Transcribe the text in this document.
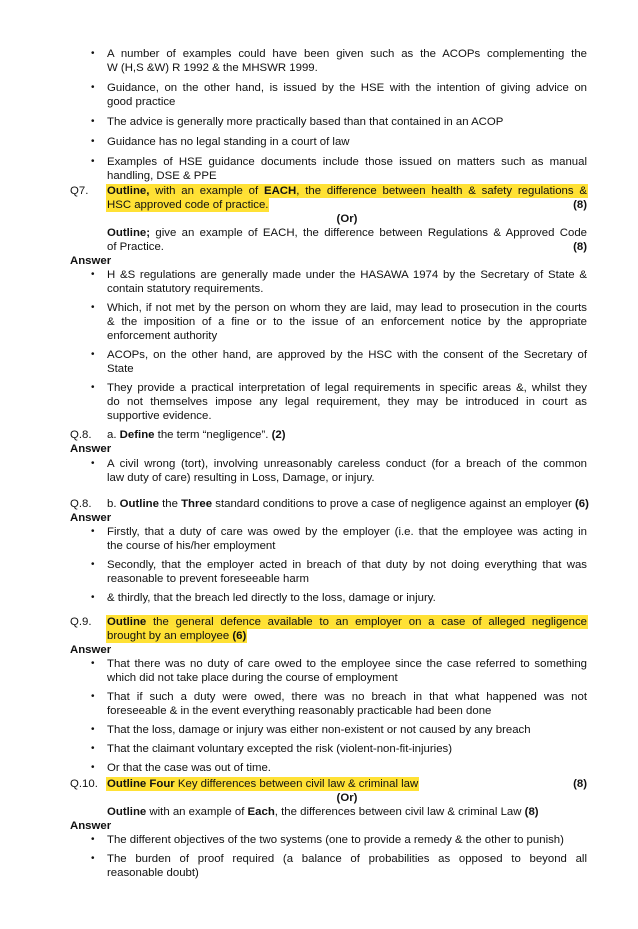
•	A number of examples could have been given such as the ACOPs complementing the
W (H,S &W) R 1992 & the MHSWR 1999.
•	Guidance, on the other hand, is issued by the HSE with the intention of giving advice on
good practice
•	The advice is generally more practically based than that contained in an ACOP
•	Guidance has no legal standing in a court of law
•	Examples of HSE guidance documents include those issued on matters such as manual
handling, DSE & PPE
Q7. Outline, with an example of EACH, the difference between health & safety regulations &
HSC approved code of practice.	(8)
(Or)
Outline; give an example of EACH, the difference between Regulations & Approved Code
of Practice.	(8)
Answer
•	H &S regulations are generally made under the HASAWA 1974 by the Secretary of State &
contain statutory requirements.
•	Which, if not met by the person on whom they are laid, may lead to prosecution in the courts
& the imposition of a fine or to the issue of an enforcement notice by the appropriate
enforcement authority
•	ACOPs, on the other hand, are approved by the HSC with the consent of the Secretary of
State
•	They provide a practical interpretation of legal requirements in specific areas &, whilst they
do not themselves impose any legal requirement, they may be introduced in court as
supportive evidence.
Q.8. a. Define the term “negligence”. (2)
Answer
•	A civil wrong (tort), involving unreasonably careless conduct (for a breach of the common
law duty of care) resulting in Loss, Damage, or injury.
Q.8. b. Outline the Three standard conditions to prove a case of negligence against an employer (6)
Answer
•	Firstly, that a duty of care was owed by the employer (i.e. that the employee was acting in
the course of his/her employment
•	Secondly, that the employer acted in breach of that duty by not doing everything that was
reasonable to prevent foreseeable harm
•	& thirdly, that the breach led directly to the loss, damage or injury.
Q.9. Outline the general defence available to an employer on a case of alleged negligence
brought by an employee (6)
Answer
•	That there was no duty of care owed to the employee since the case referred to something
which did not take place during the course of employment
•	That if such a duty were owed, there was no breach in that what happened was not
foreseeable & in the event everything reasonably practicable had been done
•	That the loss, damage or injury was either non-existent or not caused by any breach
•	That the claimant voluntary excepted the risk (violent-non-fit-injuries)
•	Or that the case was out of time.
Q.10. Outline Four Key differences between civil law & criminal law	(8)
(Or)
Outline with an example of Each, the differences between civil law & criminal Law (8)
Answer
•	The different objectives of the two systems (one to provide a remedy & the other to punish)
•	The burden of proof required (a balance of probabilities as opposed to beyond all
reasonable doubt)
